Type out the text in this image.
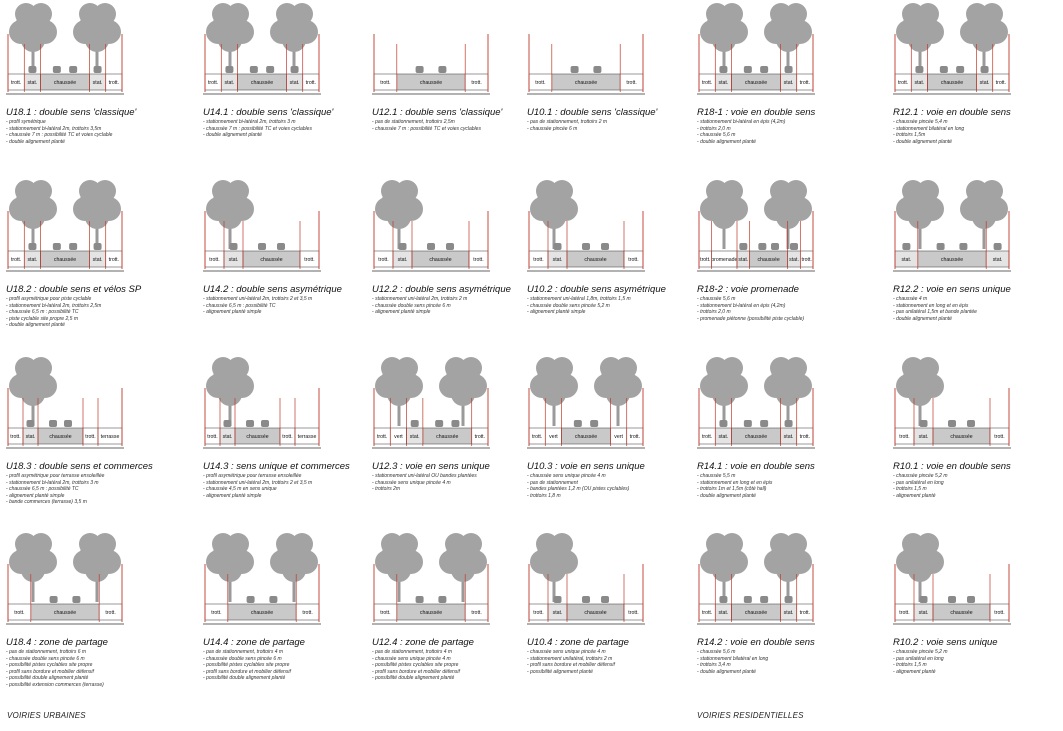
trott. stat.	chaussée	stat. trott.
U18.1 : double sens 'classique'
- profil symétrique
- stationnement bi-latéral 2m, trottoirs 3,5m
- chaussée 7 m : possibilité TC et voies cyclable
- double alignement planté
trott. stat.	chaussée	stat. trott.
U14.1 : double sens 'classique'
- stationnement bi-latéral 2m, trottoirs 3 m
- chaussée 7 m : possibilité TC et voies cyclables
- double alignement planté
trott.	chaussée	trott.
U12.1 : double sens 'classique'
- pas de stationnement, trottoirs 2,5m
- chaussée 7 m : possibilité TC et voies cyclables
trott.	chaussée	trott.
U10.1 : double sens 'classique'
- pas de stationnement, trottoirs 2 m
- chaussée pincée 6 m
trott. stat.	chaussée	stat. trott.
R18-1 : voie en double sens
- stationnement bi-latéral en épis (4,2m)
- trottoirs 2,0 m
- chaussée 5,6 m
- double alignement planté
trott. stat.	chaussée	stat. trott.
R12.1 : voie en double sens
- chaussée pincée 5,4 m
- stationnement bilatéral en long
- trottoirs 1,5m
- double alignement planté
trott. stat.	chaussée	stat. trott.
U18.2 : double sens et vélos SP
- profil asymétrique pour piste cyclable
- stationnement bi-latéral 2m, trottoirs 2,5m
- chaussée 6,5 m : possibilité TC
- piste cyclable site propre 2,5 m
- double alignement planté
trott. stat.	chaussée	trott.
U14.2 : double sens asymétrique
- stationnement uni-latéral 2m, trottoirs 2 et 3,5 m
- chaussée 6,5 m : possibilité TC
- alignement planté simple
trott. stat.	chaussée	trott.
U12.2 : double sens asymétrique
- stationnement uni-latéral 2m, trottoirs 2 m
- chaussée double sens pincée 6 m
- alignement planté simple
trott. stat.	chaussée	trott.
U10.2 : double sens asymétrique
- stationnement uni-latéral 1,8m, trottoirs 1,5 m
- chaussée double sens pincée 5,2 m
- alignement planté simple
trott. promenade stat. chaussée stat. trott.
R18-2 : voie promenade
- chaussée 5,6 m
- stationnement bi-latéral en épis (4,2m)
- trottoirs 2,0 m
- promenade piétonne (possibilité piste cyclable)
stat.	chaussée	stat.
R12.2 : voie en sens unique
- chaussée 4 m
- stationnement en long et en épis
- pas unilatéral 1,5m et bande plantée
- double alignement planté
trott. stat.	chaussée	trott. terrasse
U18.3 : double sens et commerces
- profil asymétrique pour terrasse ensoleillée
- stationnement bi-latéral 2m, trottoirs 3 m
- chaussée 6,5 m : possibilité TC
- alignement planté simple
- bande commerces (terrasse) 3,5 m
trott. stat.	chaussée	trott. terrasse
U14.3 : sens unique et commerces
- profil asymétrique pour terrasse ensoleillée
- stationnement uni-latéral 2m, trottoirs 2 et 3,5 m
- chaussée 4,5 m en sens unique
- alignement planté simple
trott. vert stat.	chaussée	trott.
U12.3 : voie en sens unique
- stationnement uni-latéral OU bandes plantées
- chaussée sens unique pincée 4 m
- trottoirs 2m
trott. vert	chaussée	vert trott.
U10.3 : voie en sens unique
- chaussée sens unique pincée 4 m
- pas de stationnement
- bandes plantées 1,2 m (OU pistes cyclables)
- trottoirs 1,8 m
trott. stat.	chaussée	stat. trott.
R14.1 : voie en double sens
- chaussée 5,5 m
- stationnement en long et en épis
- trottoirs 1m et 1,5m (côté hall)
- double alignement planté
trott. stat.	chaussée	trott.
R10.1 : voie en double sens
- chaussée pincée 5,2 m
- pas unilatéral en long
- trottoirs 1,5 m
- alignement planté
trott.	chaussée	trott.
U18.4 : zone de partage
- pas de stationnement, trottoirs 6 m
- chaussée double sens pincée 6 m
- possibilité pistes cyclables site propre
- profil sans bordure et mobilier défensif
- possibilité double alignement planté
- possibilité extension commerces (terrasse)
trott.	chaussée	trott.
U14.4 : zone de partage
- pas de stationnement, trottoirs 4 m
- chaussée double sens pincée 6 m
- possibilité pistes cyclables site propre
- profil sans bordure et mobilier défensif
- possibilité double alignement planté
trott.	chaussée	trott.
U12.4 : zone de partage
- pas de stationnement, trottoirs 4 m
- chaussée sens unique pincée 4 m
- possibilité pistes cyclables site propre
- profil sans bordure et mobilier défensif
- possibilité double alignement planté
trott. stat.	chaussée	trott.
U10.4 : zone de partage
- chaussée sens unique pincée 4 m
- stationnement unilatéral, trottoirs 2 m
- profil sans bordure et mobilier défensif
- possibilité alignement planté
trott. stat.	chaussée	stat. trott.
R14.2 : voie en double sens
- chaussée 5,6 m
- stationnement bilatéral en long
- trottoirs 3,4 m
- double alignement planté
trott. stat.	chaussée	trott.
R10.2 : voie sens unique
- chaussée pincée 5,2 m
- pas unilatéral en long
- trottoirs 1,5 m
- alignement planté
VOIRIES URBAINES	VOIRIES RESIDENTIELLES
